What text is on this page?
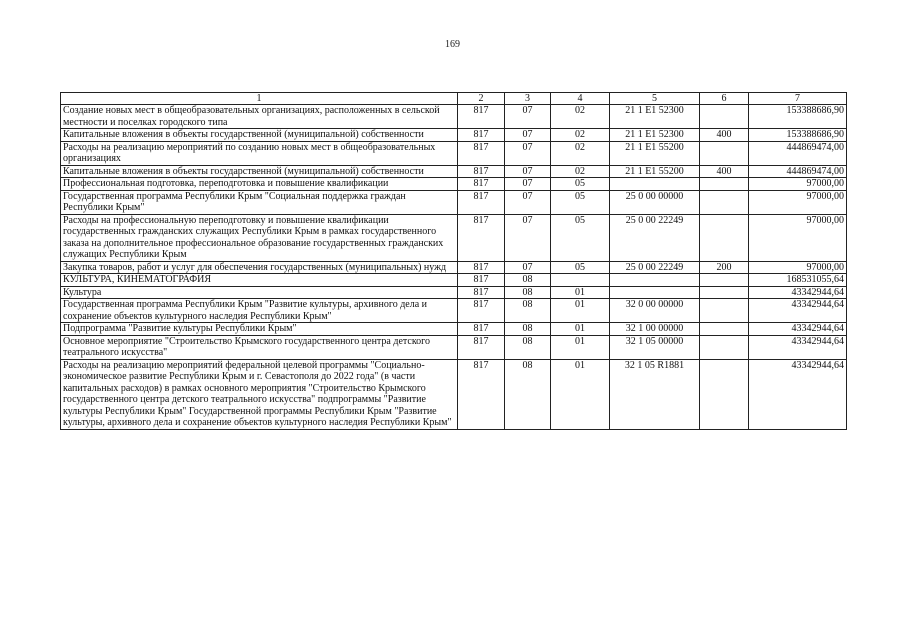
169
1	2	3	4	5	6	7
Создание новых мест в общеобразовательных организациях, расположенных в сельской местности и поселках городского типа	817	07	02	21 1 E1 52300		153388686,90
Капитальные вложения в объекты государственной (муниципальной) собственности	817	07	02	21 1 E1 52300	400	153388686,90
Расходы на реализацию мероприятий по созданию новых мест в общеобразовательных организациях	817	07	02	21 1 E1 55200		444869474,00
Капитальные вложения в объекты государственной (муниципальной) собственности	817	07	02	21 1 E1 55200	400	444869474,00
Профессиональная подготовка, переподготовка и повышение квалификации	817	07	05			97000,00
Государственная программа Республики Крым "Социальная поддержка граждан Республики Крым"	817	07	05	25 0 00 00000		97000,00
Расходы на профессиональную переподготовку и повышение квалификации государственных гражданских служащих Республики Крым в рамках государственного заказа на дополнительное профессиональное образование государственных гражданских служащих Республики Крым	817	07	05	25 0 00 22249		97000,00
Закупка товаров, работ и услуг для обеспечения государственных (муниципальных) нужд	817	07	05	25 0 00 22249	200	97000,00
КУЛЬТУРА, КИНЕМАТОГРАФИЯ	817	08				168531055,64
Культура	817	08	01			43342944,64
Государственная программа Республики Крым "Развитие культуры, архивного дела и сохранение объектов культурного наследия Республики Крым"	817	08	01	32 0 00 00000		43342944,64
Подпрограмма "Развитие культуры Республики Крым"	817	08	01	32 1 00 00000		43342944,64
Основное мероприятие "Строительство Крымского государственного центра детского театрального искусства"	817	08	01	32 1 05 00000		43342944,64
Расходы на реализацию мероприятий федеральной целевой программы "Социально-экономическое развитие Республики Крым и г. Севастополя до 2022 года" (в части капитальных расходов) в рамках основного мероприятия "Строительство Крымского государственного центра детского театрального искусства" подпрограммы "Развитие культуры Республики Крым" Государственной программы Республики Крым "Развитие культуры, архивного дела и сохранение объектов культурного наследия Республики Крым"	817	08	01	32 1 05 R1881		43342944,64
